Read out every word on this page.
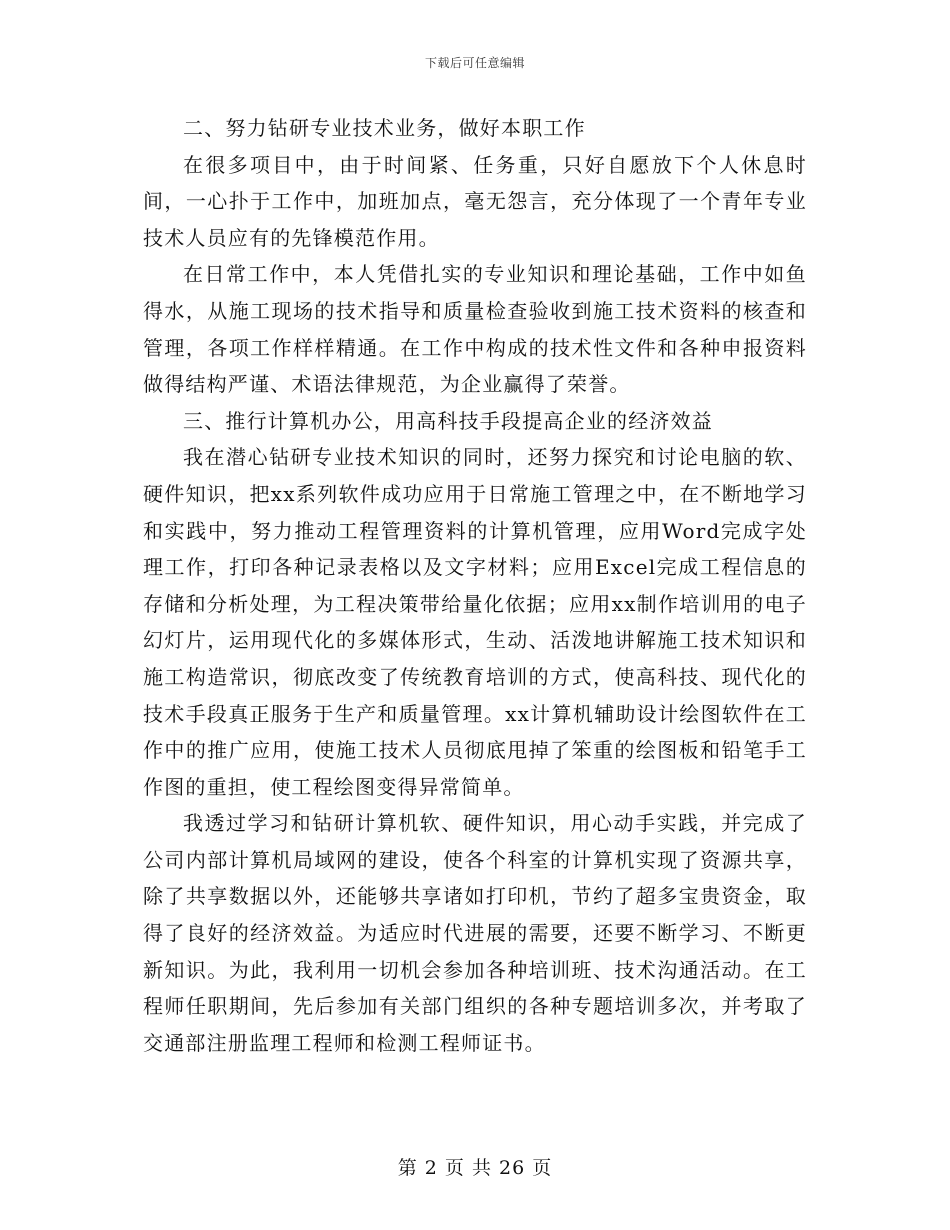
下载后可任意编辑

二、努力钻研专业技术业务，做好本职工作

在很多项目中，由于时间紧、任务重，只好自愿放下个人休息时间，一心扑于工作中，加班加点，毫无怨言，充分体现了一个青年专业技术人员应有的先锋模范作用。

在日常工作中，本人凭借扎实的专业知识和理论基础，工作中如鱼得水，从施工现场的技术指导和质量检查验收到施工技术资料的核查和管理，各项工作样样精通。在工作中构成的技术性文件和各种申报资料做得结构严谨、术语法律规范，为企业赢得了荣誉。

三、推行计算机办公，用高科技手段提高企业的经济效益

我在潜心钻研专业技术知识的同时，还努力探究和讨论电脑的软、硬件知识，把xx系列软件成功应用于日常施工管理之中，在不断地学习和实践中，努力推动工程管理资料的计算机管理，应用Word完成字处理工作，打印各种记录表格以及文字材料；应用Excel完成工程信息的存储和分析处理，为工程决策带给量化依据；应用xx制作培训用的电子幻灯片，运用现代化的多媒体形式，生动、活泼地讲解施工技术知识和施工构造常识，彻底改变了传统教育培训的方式，使高科技、现代化的技术手段真正服务于生产和质量管理。xx计算机辅助设计绘图软件在工作中的推广应用，使施工技术人员彻底甩掉了笨重的绘图板和铅笔手工作图的重担，使工程绘图变得异常简单。

我透过学习和钻研计算机软、硬件知识，用心动手实践，并完成了公司内部计算机局域网的建设，使各个科室的计算机实现了资源共享，除了共享数据以外，还能够共享诸如打印机，节约了超多宝贵资金，取得了良好的经济效益。为适应时代进展的需要，还要不断学习、不断更新知识。为此，我利用一切机会参加各种培训班、技术沟通活动。在工程师任职期间，先后参加有关部门组织的各种专题培训多次，并考取了交通部注册监理工程师和检测工程师证书。

第 2 页 共 26 页
